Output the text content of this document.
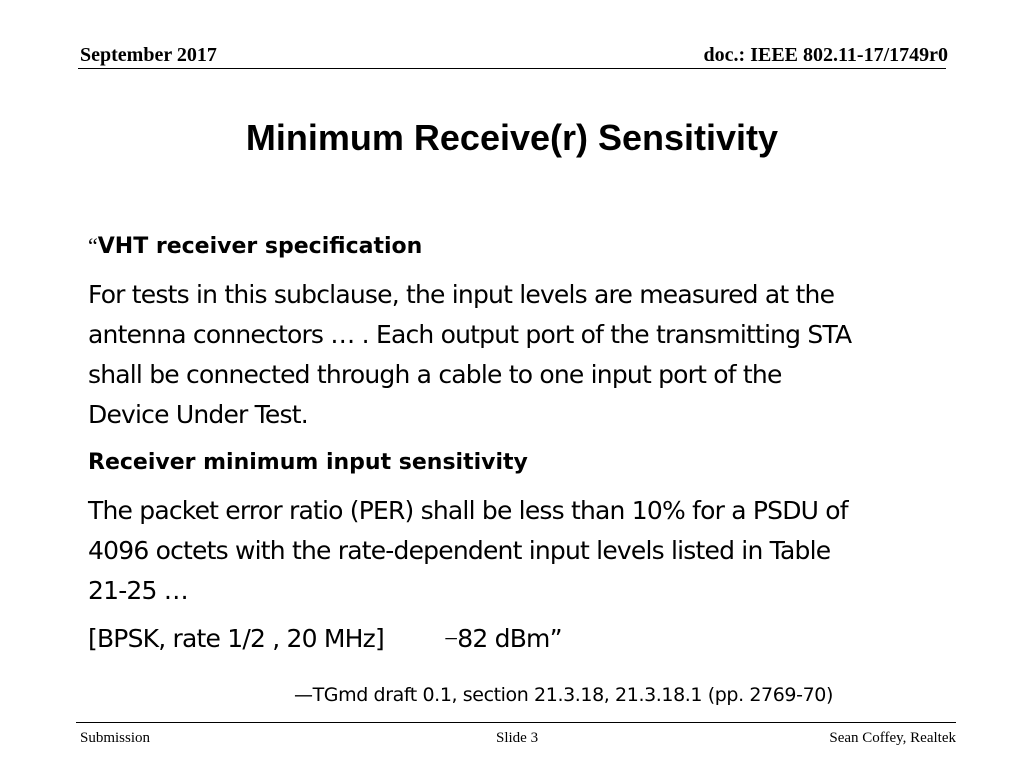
September 2017	doc.: IEEE 802.11-17/1749r0
Minimum Receive(r) Sensitivity
“VHT receiver specification
For tests in this subclause, the input levels are measured at the
antenna connectors … . Each output port of the transmitting STA
shall be connected through a cable to one input port of the
Device Under Test.
Receiver minimum input sensitivity
The packet error ratio (PER) shall be less than 10% for a PSDU of
4096 octets with the rate-dependent input levels listed in Table
21-25 …
[BPSK, rate 1/2 , 20 MHz] −82 dBm”
—TGmd draft 0.1, section 21.3.18, 21.3.18.1 (pp. 2769-70)
Submission	Slide 3	Sean Coffey, Realtek
